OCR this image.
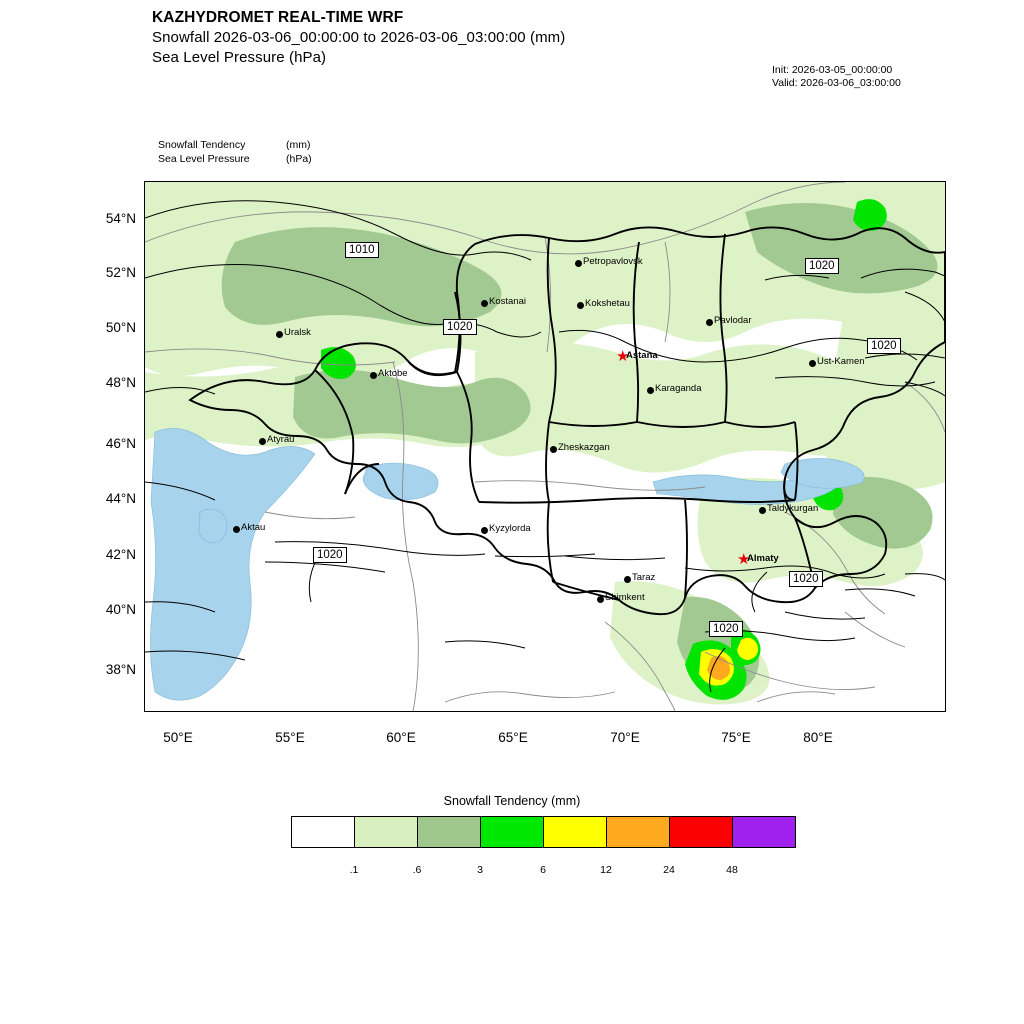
KAZHYDROMET REAL-TIME WRF
Snowfall 2026-03-06_00:00:00 to 2026-03-06_03:00:00 (mm)
Sea Level Pressure (hPa)
Init: 2026-03-05_00:00:00
Valid: 2026-03-06_03:00:00
Snowfall Tendency	(mm)
Sea Level Pressure	(hPa)
1010
1020
1020
1020
1020
1020
1020
Petropavlovsk
Kostanai	Kokshetau
Pavlodar
Uralsk
★
Astana
Ust-Kamen
Aktobe
Karaganda
Atyrau
Zheskazgan
Taldykurgan
Aktau	Kyzylorda
★
Almaty
Taraz
Shimkent
54°N
52°N
50°N
48°N
46°N
44°N
42°N
40°N
38°N
50°E	55°E	60°E	65°E	70°E	75°E	80°E
Snowfall Tendency (mm)
.1	.6	3	6	12	24	48
